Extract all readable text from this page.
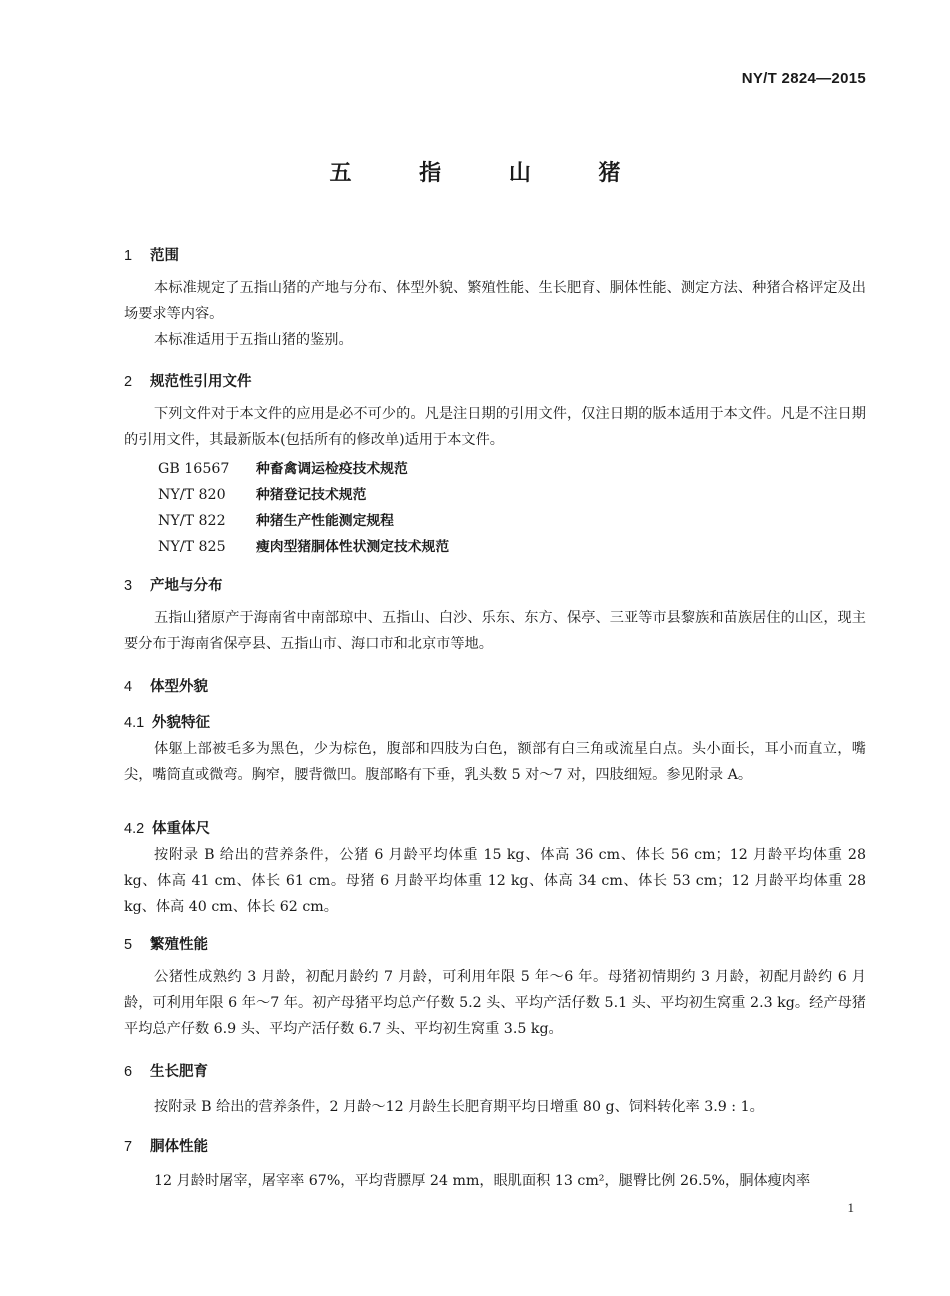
NY/T 2824—2015
五 指 山 猪
1 范围

本标准规定了五指山猪的产地与分布、体型外貌、繁殖性能、生长肥育、胴体性能、测定方法、种猪合格评定及出场要求等内容。

本标准适用于五指山猪的鉴别。

2 规范性引用文件

下列文件对于本文件的应用是必不可少的。凡是注日期的引用文件，仅注日期的版本适用于本文件。凡是不注日期的引用文件，其最新版本(包括所有的修改单)适用于本文件。

GB 16567 种畜禽调运检疫技术规范
NY/T 820 种猪登记技术规范
NY/T 822 种猪生产性能测定规程
NY/T 825 瘦肉型猪胴体性状测定技术规范
3 产地与分布

五指山猪原产于海南省中南部琼中、五指山、白沙、乐东、东方、保亭、三亚等市县黎族和苗族居住的山区，现主要分布于海南省保亭县、五指山市、海口市和北京市等地。

4 体型外貌
4.1 外貌特征

体躯上部被毛多为黑色，少为棕色，腹部和四肢为白色，额部有白三角或流星白点。头小面长，耳小而直立，嘴尖，嘴筒直或微弯。胸窄，腰背微凹。腹部略有下垂，乳头数 5 对～7 对，四肢细短。参见附录 A。

4.2 体重体尺

按附录 B 给出的营养条件，公猪 6 月龄平均体重 15 kg、体高 36 cm、体长 56 cm；12 月龄平均体重 28 kg、体高 41 cm、体长 61 cm。母猪 6 月龄平均体重 12 kg、体高 34 cm、体长 53 cm；12 月龄平均体重 28 kg、体高 40 cm、体长 62 cm。

5 繁殖性能

公猪性成熟约 3 月龄，初配月龄约 7 月龄，可利用年限 5 年～6 年。母猪初情期约 3 月龄，初配月龄约 6 月龄，可利用年限 6 年～7 年。初产母猪平均总产仔数 5.2 头、平均产活仔数 5.1 头、平均初生窝重 2.3 kg。经产母猪平均总产仔数 6.9 头、平均产活仔数 6.7 头、平均初生窝重 3.5 kg。

6 生长肥育

按附录 B 给出的营养条件，2 月龄～12 月龄生长肥育期平均日增重 80 g、饲料转化率 3.9 : 1。

7 胴体性能

12 月龄时屠宰，屠宰率 67%，平均背膘厚 24 mm，眼肌面积 13 cm²，腿臀比例 26.5%，胴体瘦肉率

1
